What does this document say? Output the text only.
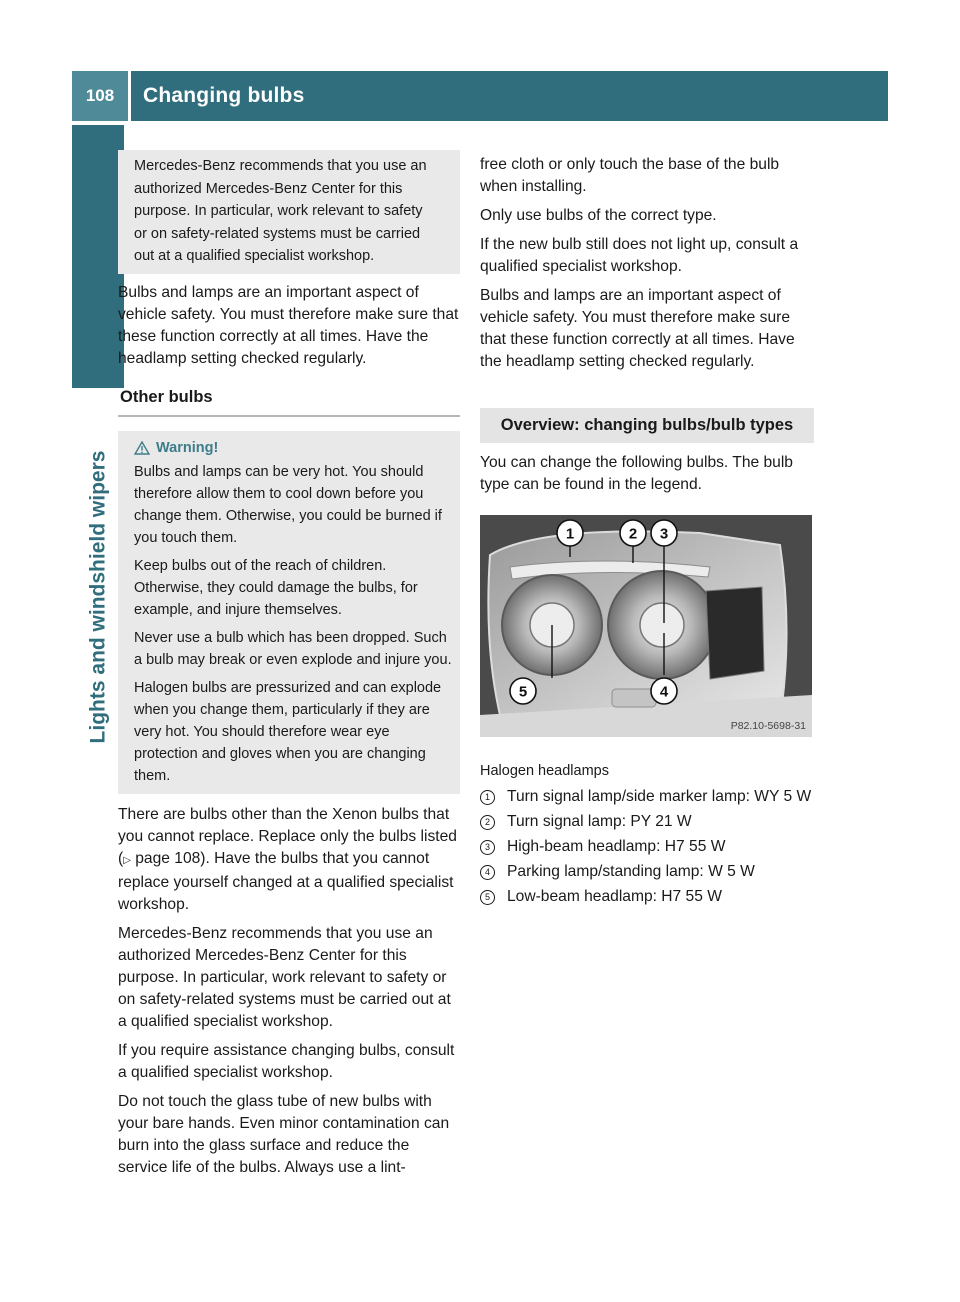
108	Changing bulbs
Lights and windshield wipers

Mercedes-Benz recommends that you use an

authorized Mercedes-Benz Center for this

purpose. In particular, work relevant to safety

or on safety-related systems must be carried

out at a qualified specialist workshop.

Bulbs and lamps are an important aspect of vehicle safety. You must therefore make sure that these function correctly at all times. Have the headlamp setting checked regularly.

Other bulbs
Warning!

Bulbs and lamps can be very hot. You should therefore allow them to cool down before you change them. Otherwise, you could be burned if you touch them.

Keep bulbs out of the reach of children. Otherwise, they could damage the bulbs, for example, and injure themselves.

Never use a bulb which has been dropped. Such a bulb may break or even explode and injure you.

Halogen bulbs are pressurized and can explode when you change them, particularly if they are very hot. You should therefore wear eye protection and gloves when you are changing them.

There are bulbs other than the Xenon bulbs that you cannot replace. Replace only the bulbs listed (▷ page 108). Have the bulbs that you cannot replace yourself changed at a qualified specialist workshop.

Mercedes-Benz recommends that you use an authorized Mercedes-Benz Center for this purpose. In particular, work relevant to safety or on safety-related systems must be carried out at a qualified specialist workshop.

If you require assistance changing bulbs, consult a qualified specialist workshop.

Do not touch the glass tube of new bulbs with your bare hands. Even minor contamination can burn into the glass surface and reduce the service life of the bulbs. Always use a lint-

free cloth or only touch the base of the bulb when installing.

Only use bulbs of the correct type.

If the new bulb still does not light up, consult a qualified specialist workshop.

Bulbs and lamps are an important aspect of vehicle safety. You must therefore make sure that these function correctly at all times. Have the headlamp setting checked regularly.

Overview: changing bulbs/bulb types

You can change the following bulbs. The bulb type can be found in the legend.

1	2 3
4
5
P82.10-5698-31

Halogen headlamps

1	Turn signal lamp/side marker lamp: WY 5 W
2	Turn signal lamp: PY 21 W
3	High-beam headlamp: H7 55 W
4	Parking lamp/standing lamp: W 5 W
5	Low-beam headlamp: H7 55 W
